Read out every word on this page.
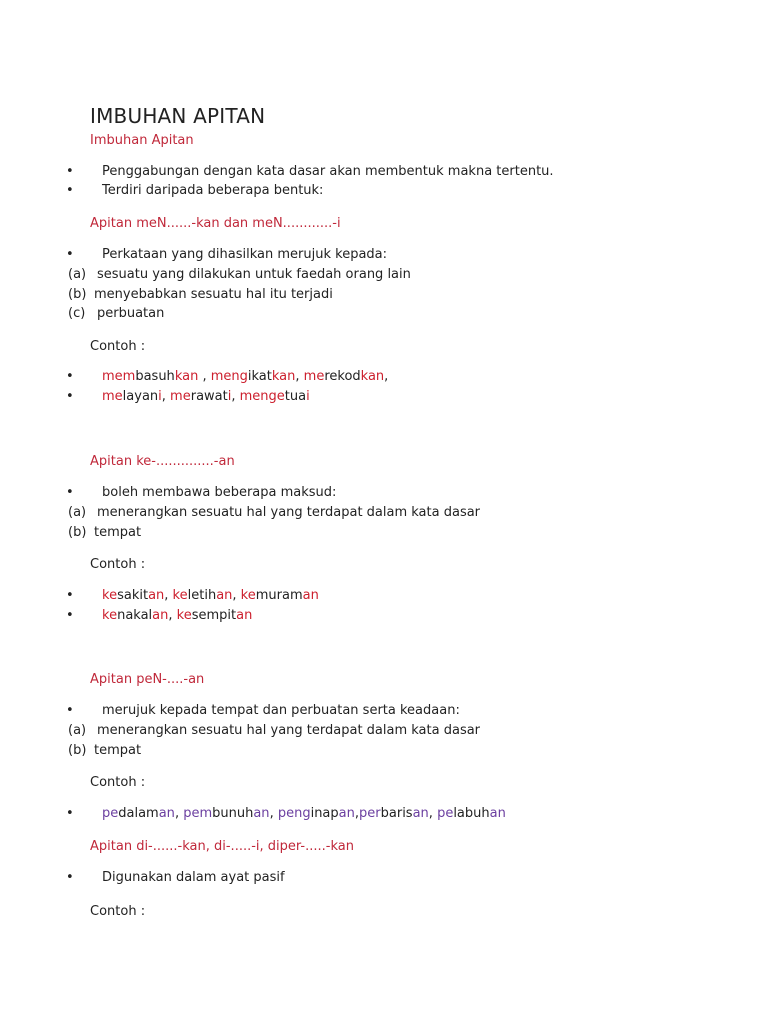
IMBUHAN APITAN
Imbuhan Apitan
•
Penggabungan dengan kata dasar akan membentuk makna tertentu.
•
Terdiri daripada beberapa bentuk:
Apitan meN......-kan dan meN............-i
•
Perkataan yang dihasilkan merujuk kepada:
(a) sesuatu yang dilakukan untuk faedah orang lain
(b) menyebabkan sesuatu hal itu terjadi
(c) perbuatan
Contoh :
•
membasuhkan , mengikatkan, merekodkan,
•
melayani, merawati, mengetuai
Apitan ke-..............-an
•
boleh membawa beberapa maksud:
(a) menerangkan sesuatu hal yang terdapat dalam kata dasar
(b) tempat
Contoh :
•
kesakitan, keletihan, kemuraman
•
kenakalan, kesempitan
Apitan peN-....-an
•
merujuk kepada tempat dan perbuatan serta keadaan:
(a) menerangkan sesuatu hal yang terdapat dalam kata dasar
(b) tempat
Contoh :
•
pedalaman, pembunuhan, penginapan,perbarisan, pelabuhan
Apitan di-......-kan, di-.....-i, diper-.....-kan
•
Digunakan dalam ayat pasif
Contoh :
